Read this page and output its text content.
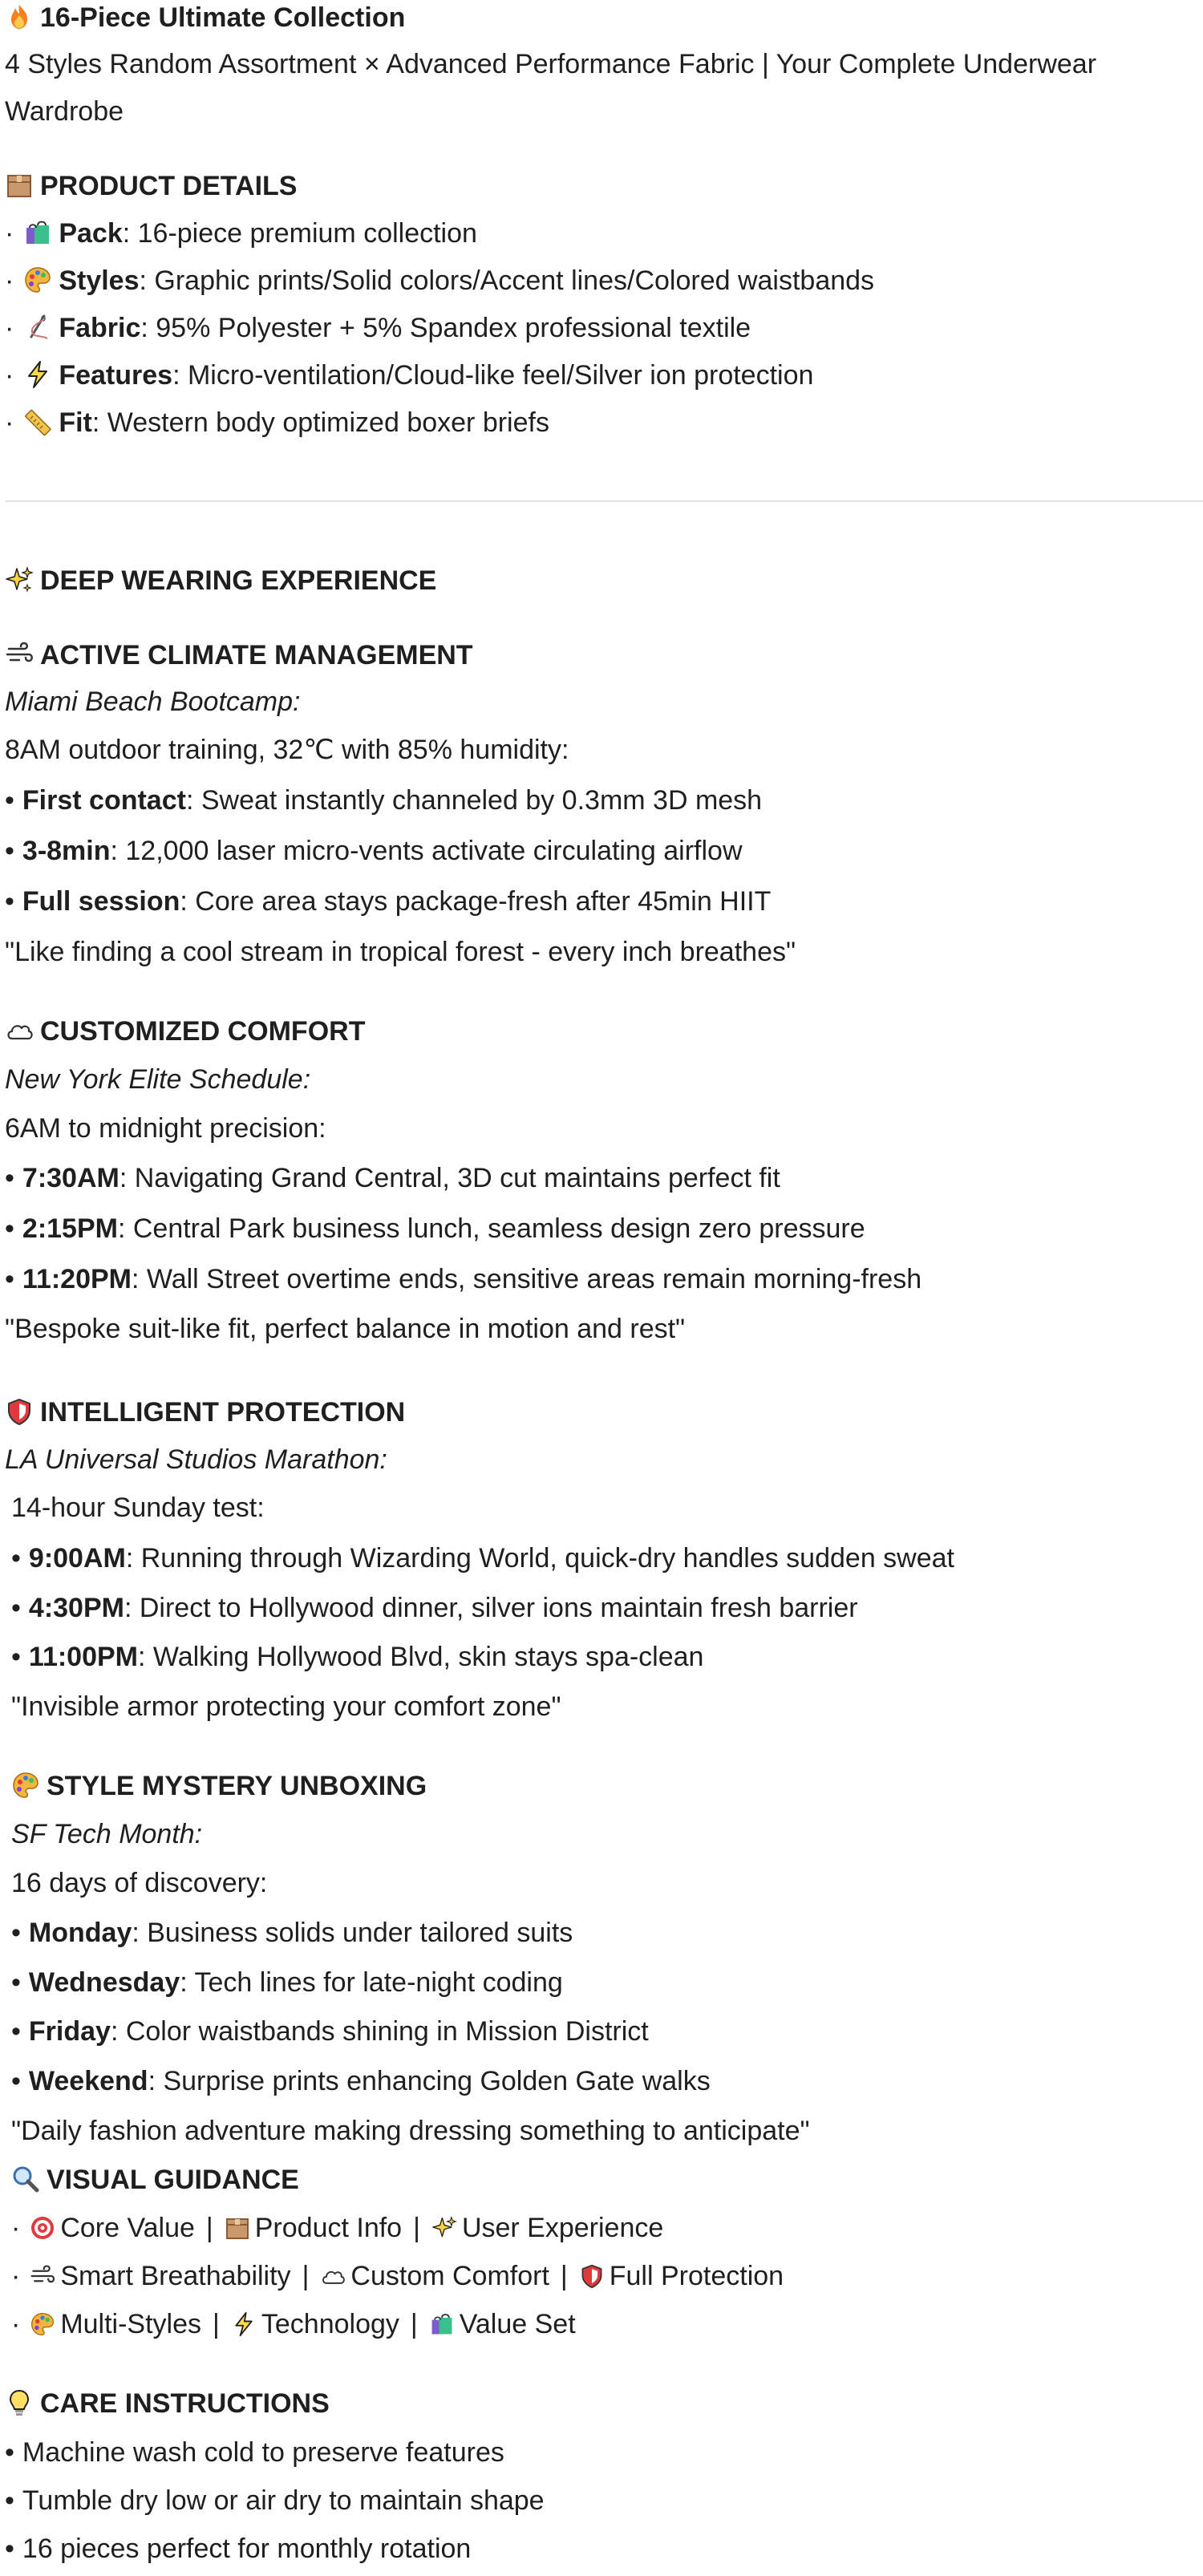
16-Piece Ultimate Collection
4 Styles Random Assortment × Advanced Performance Fabric | Your Complete Underwear
Wardrobe
PRODUCT DETAILS
· Pack: 16-piece premium collection
· Styles: Graphic prints/Solid colors/Accent lines/Colored waistbands
· Fabric: 95% Polyester + 5% Spandex professional textile
· Features: Micro-ventilation/Cloud-like feel/Silver ion protection
· Fit: Western body optimized boxer briefs
DEEP WEARING EXPERIENCE
ACTIVE CLIMATE MANAGEMENT
Miami Beach Bootcamp:
8AM outdoor training, 32℃ with 85% humidity:
• First contact: Sweat instantly channeled by 0.3mm 3D mesh
• 3-8min: 12,000 laser micro-vents activate circulating airflow
• Full session: Core area stays package-fresh after 45min HIIT
"Like finding a cool stream in tropical forest - every inch breathes"
CUSTOMIZED COMFORT
New York Elite Schedule:
6AM to midnight precision:
• 7:30AM: Navigating Grand Central, 3D cut maintains perfect fit
• 2:15PM: Central Park business lunch, seamless design zero pressure
• 11:20PM: Wall Street overtime ends, sensitive areas remain morning-fresh
"Bespoke suit-like fit, perfect balance in motion and rest"
INTELLIGENT PROTECTION
LA Universal Studios Marathon:
14-hour Sunday test:
• 9:00AM: Running through Wizarding World, quick-dry handles sudden sweat
• 4:30PM: Direct to Hollywood dinner, silver ions maintain fresh barrier
• 11:00PM: Walking Hollywood Blvd, skin stays spa-clean
"Invisible armor protecting your comfort zone"
STYLE MYSTERY UNBOXING
SF Tech Month:
16 days of discovery:
• Monday: Business solids under tailored suits
• Wednesday: Tech lines for late-night coding
• Friday: Color waistbands shining in Mission District
• Weekend: Surprise prints enhancing Golden Gate walks
"Daily fashion adventure making dressing something to anticipate"
VISUAL GUIDANCE
· Core Value | Product Info | User Experience
· Smart Breathability | Custom Comfort | Full Protection
· Multi-Styles | Technology | Value Set
CARE INSTRUCTIONS
• Machine wash cold to preserve features
• Tumble dry low or air dry to maintain shape
• 16 pieces perfect for monthly rotation
